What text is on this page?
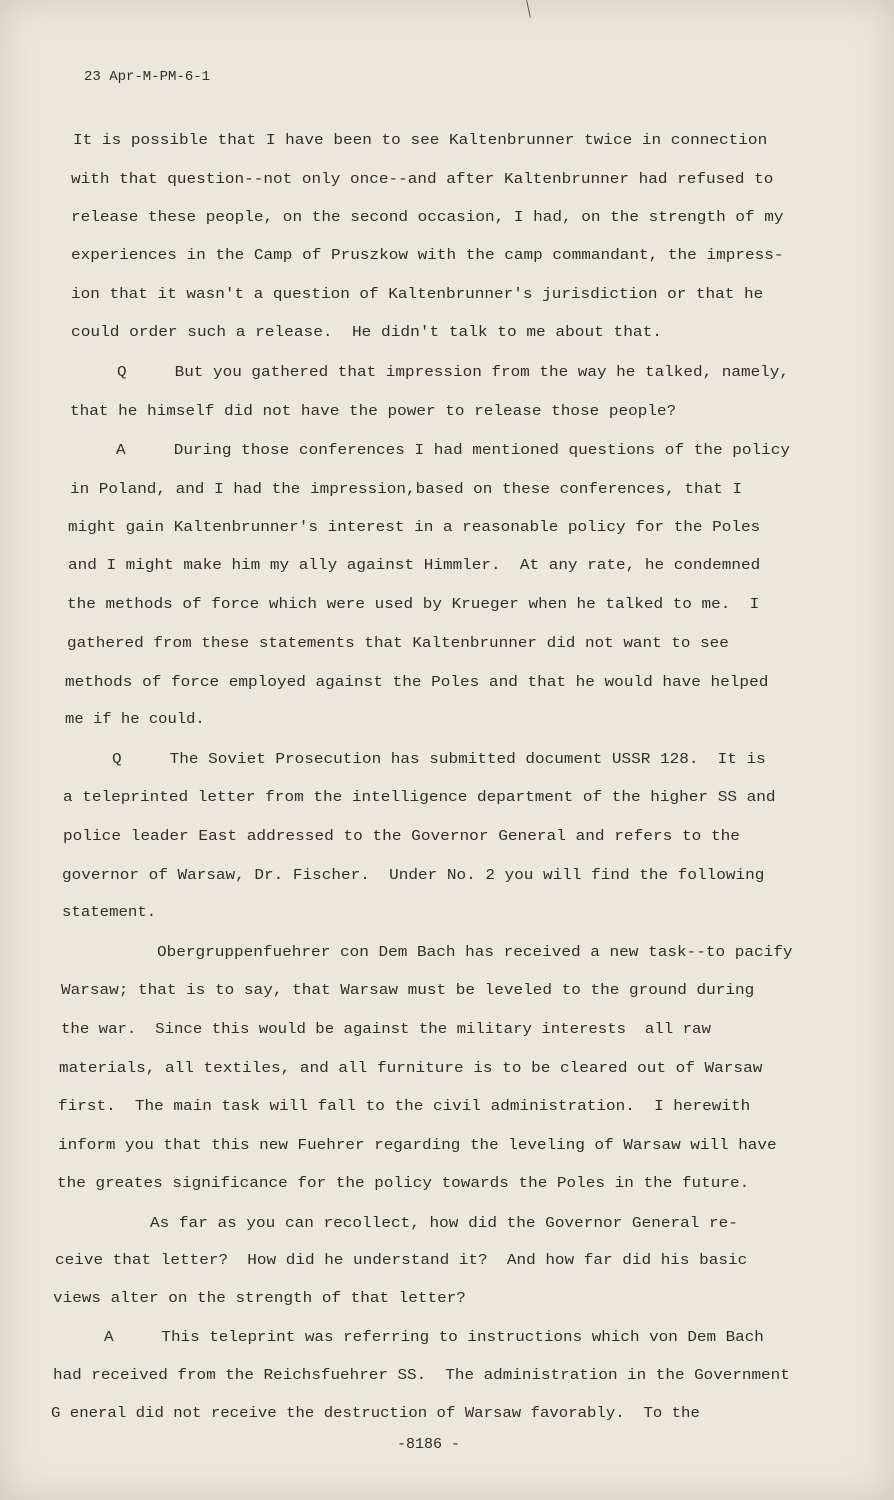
23 Apr-M-PM-6-1
It is possible that I have been to see Kaltenbrunner twice in connection
with that question--not only once--and after Kaltenbrunner had refused to
release these people, on the second occasion, I had, on the strength of my
experiences in the Camp of Pruszkow with the camp commandant, the impress-
ion that it wasn't a question of Kaltenbrunner's jurisdiction or that he
could order such a release.  He didn't talk to me about that.
Q     But you gathered that impression from the way he talked, namely,
that he himself did not have the power to release those people?
A     During those conferences I had mentioned questions of the policy
in Poland, and I had the impression,based on these conferences, that I
might gain Kaltenbrunner's interest in a reasonable policy for the Poles
and I might make him my ally against Himmler.  At any rate, he condemned
the methods of force which were used by Krueger when he talked to me.  I
gathered from these statements that Kaltenbrunner did not want to see
methods of force employed against the Poles and that he would have helped
me if he could.
Q     The Soviet Prosecution has submitted document USSR 128.  It is
a teleprinted letter from the intelligence department of the higher SS and
police leader East addressed to the Governor General and refers to the
governor of Warsaw, Dr. Fischer.  Under No. 2 you will find the following
statement.
Obergruppenfuehrer con Dem Bach has received a new task--to pacify
Warsaw; that is to say, that Warsaw must be leveled to the ground during
the war.  Since this would be against the military interests  all raw
materials, all textiles, and all furniture is to be cleared out of Warsaw
first.  The main task will fall to the civil administration.  I herewith
inform you that this new Fuehrer regarding the leveling of Warsaw will have
the greates significance for the policy towards the Poles in the future.
As far as you can recollect, how did the Governor General re-
ceive that letter?  How did he understand it?  And how far did his basic
views alter on the strength of that letter?
A     This teleprint was referring to instructions which von Dem Bach
had received from the Reichsfuehrer SS.  The administration in the Government
G eneral did not receive the destruction of Warsaw favorably.  To the
-8186 -
